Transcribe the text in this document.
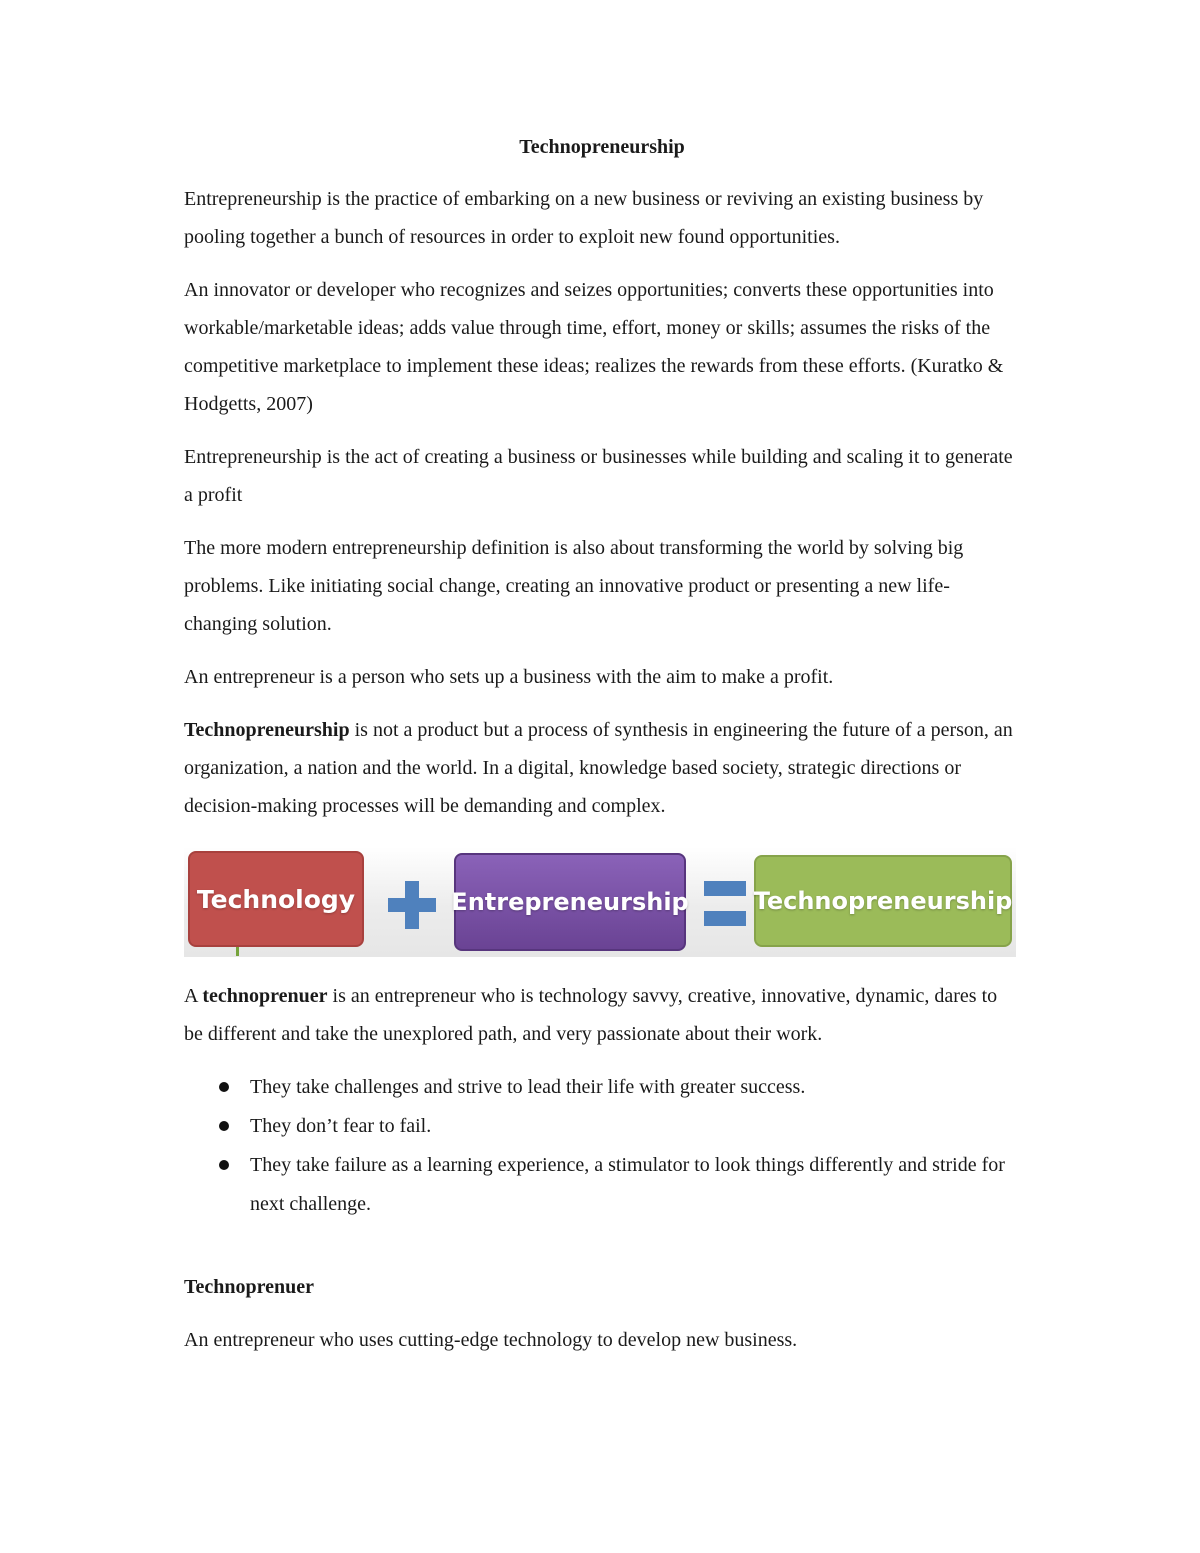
Technopreneurship

Entrepreneurship is the practice of embarking on a new business or reviving an existing business by pooling together a bunch of resources in order to exploit new found opportunities.

An innovator or developer who recognizes and seizes opportunities; converts these opportunities into workable/marketable ideas; adds value through time, effort, money or skills; assumes the risks of the competitive marketplace to implement these ideas; realizes the rewards from these efforts. (Kuratko & Hodgetts, 2007)

Entrepreneurship is the act of creating a business or businesses while building and scaling it to generate a profit

The more modern entrepreneurship definition is also about transforming the world by solving big problems. Like initiating social change, creating an innovative product or presenting a new life-changing solution.

An entrepreneur is a person who sets up a business with the aim to make a profit.

Technopreneurship is not a product but a process of synthesis in engineering the future of a person, an organization, a nation and the world. In a digital, knowledge based society, strategic directions or decision-making processes will be demanding and complex.

Technology	Entrepreneurship	Technopreneurship

A technoprenuer is an entrepreneur who is technology savvy, creative, innovative, dynamic, dares to be different and take the unexplored path, and very passionate about their work.

They take challenges and strive to lead their life with greater success.
They don’t fear to fail.
They take failure as a learning experience, a stimulator to look things differently and stride for next challenge.
Technoprenuer

An entrepreneur who uses cutting-edge technology to develop new business.
